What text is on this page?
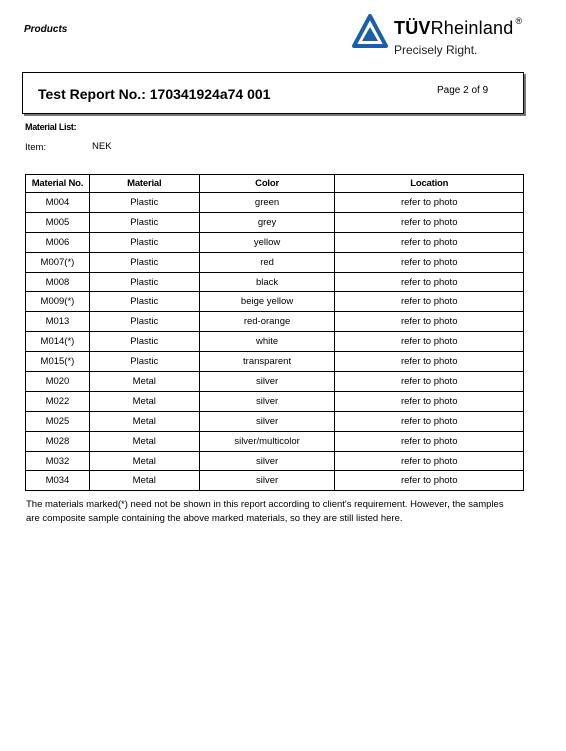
Products	TÜVRheinland ®
Precisely Right.
Test Report No.: 170341924a74 001	Page 2 of 9
Material List:
Item:	NEK
Material No.	Material	Color	Location
M004	Plastic	green	refer to photo
M005	Plastic	grey	refer to photo
M006	Plastic	yellow	refer to photo
M007(*)	Plastic	red	refer to photo
M008	Plastic	black	refer to photo
M009(*)	Plastic	beige yellow	refer to photo
M013	Plastic	red-orange	refer to photo
M014(*)	Plastic	white	refer to photo
M015(*)	Plastic	transparent	refer to photo
M020	Metal	silver	refer to photo
M022	Metal	silver	refer to photo
M025	Metal	silver	refer to photo
M028	Metal	silver/multicolor	refer to photo
M032	Metal	silver	refer to photo
M034	Metal	silver	refer to photo
The materials marked(*) need not be shown in this report according to client's requirement. However, the samples are composite sample containing the above marked materials, so they are still listed here.
